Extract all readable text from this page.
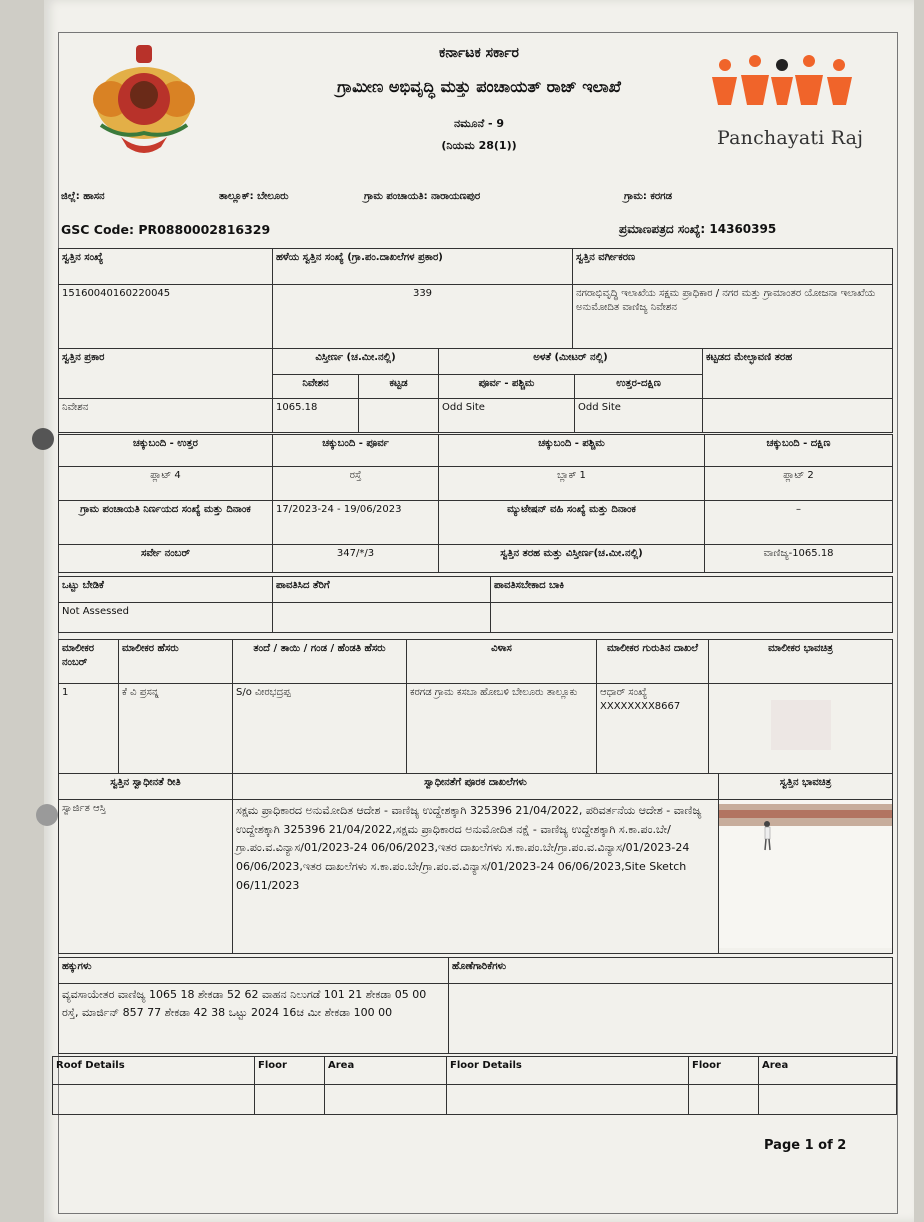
Panchayati Raj
ಕರ್ನಾಟಕ ಸರ್ಕಾರ
ಗ್ರಾಮೀಣ ಅಭಿವೃದ್ಧಿ ಮತ್ತು ಪಂಚಾಯತ್ ರಾಜ್ ಇಲಾಖೆ
ನಮೂನೆ - 9
(ನಿಯಮ 28(1))
ಜಿಲ್ಲೆ: ಹಾಸನ	ತಾಲ್ಲೂಕ್: ಬೇಲೂರು	ಗ್ರಾಮ ಪಂಚಾಯತಿ: ನಾರಾಯಣಪುರ	ಗ್ರಾಮ: ಕರಗಡ
GSC Code: PR0880002816329	ಪ್ರಮಾಣಪತ್ರದ ಸಂಖ್ಯೆ: 14360395
ಸ್ವತ್ತಿನ ಸಂಖ್ಯೆ	ಹಳೆಯ ಸ್ವತ್ತಿನ ಸಂಖ್ಯೆ (ಗ್ರಾ.ಪಂ.ದಾಖಲೆಗಳ ಪ್ರಕಾರ)	ಸ್ವತ್ತಿನ ವರ್ಗೀಕರಣ
15160040160220045	339	ನಗರಾಭಿವೃದ್ಧಿ ಇಲಾಖೆಯ ಸಕ್ಷಮ ಪ್ರಾಧಿಕಾರ / ನಗರ ಮತ್ತು ಗ್ರಾಮಾಂತರ ಯೋಜನಾ ಇಲಾಖೆಯ ಅನುಮೋದಿತ ವಾಣಿಜ್ಯ ನಿವೇಶನ
ಸ್ವತ್ತಿನ ಪ್ರಕಾರ	ವಿಸ್ತೀರ್ಣ (ಚ.ಮೀ.ನಲ್ಲಿ)		ಅಳತೆ (ಮೀಟರ್ ನಲ್ಲಿ)		ಕಟ್ಟಡದ ಮೇಲ್ಛಾವಣಿ ತರಹ
	ನಿವೇಶನ	ಕಟ್ಟಡ	ಪೂರ್ವ - ಪಶ್ಚಿಮ	ಉತ್ತರ-ದಕ್ಷಿಣ	
ನಿವೇಶನ	1065.18		Odd Site	Odd Site	
ಚಕ್ಕುಬಂದಿ - ಉತ್ತರ	ಚಕ್ಕುಬಂದಿ - ಪೂರ್ವ	ಚಕ್ಕುಬಂದಿ - ಪಶ್ಚಿಮ	ಚಕ್ಕುಬಂದಿ - ದಕ್ಷಿಣ
ಪ್ಲಾಟ್ 4	ರಸ್ತೆ	ಬ್ಲಾಕ್ 1	ಪ್ಲಾಟ್ 2
ಗ್ರಾಮ ಪಂಚಾಯತಿ ನಿರ್ಣಯದ ಸಂಖ್ಯೆ ಮತ್ತು ದಿನಾಂಕ	17/2023-24 - 19/06/2023	ಮ್ಯುಟೇಷನ್ ವಹಿ ಸಂಖ್ಯೆ ಮತ್ತು ದಿನಾಂಕ	–
ಸರ್ವೇ ನಂಬರ್	347/*/3	ಸ್ವತ್ತಿನ ತರಹ ಮತ್ತು ವಿಸ್ತೀರ್ಣ(ಚ.ಮೀ.ನಲ್ಲಿ)	ವಾಣಿಜ್ಯ-1065.18
ಒಟ್ಟು ಬೇಡಿಕೆ	ಪಾವತಿಸಿದ ತೆರಿಗೆ	ಪಾವತಿಸಬೇಕಾದ ಬಾಕಿ
Not Assessed		
ಮಾಲೀಕರ ನಂಬರ್	ಮಾಲೀಕರ ಹೆಸರು	ತಂದೆ / ತಾಯಿ / ಗಂಡ / ಹೆಂಡತಿ ಹೆಸರು	ವಿಳಾಸ	ಮಾಲೀಕರ ಗುರುತಿನ ದಾಖಲೆ	ಮಾಲೀಕರ ಭಾವಚಿತ್ರ
1	ಕೆ ವಿ ಪ್ರಸನ್ನ	S/o ವೀರಭದ್ರಪ್ಪ	ಕರಗಡ ಗ್ರಾಮ ಕಸಬಾ ಹೋಬಳಿ ಬೇಲೂರು ತಾಲ್ಲೂಕು	ಆಧಾರ್ ಸಂಖ್ಯೆ
XXXXXXXX8667	

ಸ್ವತ್ತಿನ ಸ್ವಾಧೀನತೆ ರೀತಿ	ಸ್ವಾಧೀನತೆಗೆ ಪೂರಕ ದಾಖಲೆಗಳು	ಸ್ವತ್ತಿನ ಭಾವಚಿತ್ರ
ಸ್ವಾರ್ಜಿತ ಆಸ್ತಿ	ಸಕ್ಷಮ ಪ್ರಾಧಿಕಾರದ ಅನುಮೋದಿತ ಆದೇಶ - ವಾಣಿಜ್ಯ ಉದ್ದೇಶಕ್ಕಾಗಿ 325396 21/04/2022, ಪರಿವರ್ತನೆಯ ಆದೇಶ - ವಾಣಿಜ್ಯ ಉದ್ದೇಶಕ್ಕಾಗಿ 325396 21/04/2022,ಸಕ್ಷಮ ಪ್ರಾಧಿಕಾರದ ಅನುಮೋದಿತ ನಕ್ಷೆ - ವಾಣಿಜ್ಯ ಉದ್ದೇಶಕ್ಕಾಗಿ ಸ.ಕಾ.ಪಂ.ಬೇ/ಗ್ರಾ.ಪಂ.ವ.ವಿನ್ಯಾಸ/01/2023-24 06/06/2023,ಇತರ ದಾಖಲೆಗಳು ಸ.ಕಾ.ಪಂ.ಬೇ/ಗ್ರಾ.ಪಂ.ವ.ವಿನ್ಯಾಸ/01/2023-24 06/06/2023,ಇತರ ದಾಖಲೆಗಳು ಸ.ಕಾ.ಪಂ.ಬೇ/ಗ್ರಾ.ಪಂ.ವ.ವಿನ್ಯಾಸ/01/2023-24 06/06/2023,Site Sketch 06/11/2023	
ಹಕ್ಕುಗಳು	ಹೊಣೆಗಾರಿಕೆಗಳು
ವ್ಯವಸಾಯೇತರ ವಾಣಿಜ್ಯ 1065 18 ಶೇಕಡಾ 52 62 ವಾಹನ ನಿಲುಗಡೆ 101 21 ಶೇಕಡಾ 05 00 ರಸ್ತೆ, ಮಾರ್ಜಿನ್ 857 77 ಶೇಕಡಾ 42 38 ಒಟ್ಟು 2024 16ಚ ಮೀ ಶೇಕಡಾ 100 00	
Roof Details	Floor	Area	Floor Details	Floor	Area

Page 1 of 2
